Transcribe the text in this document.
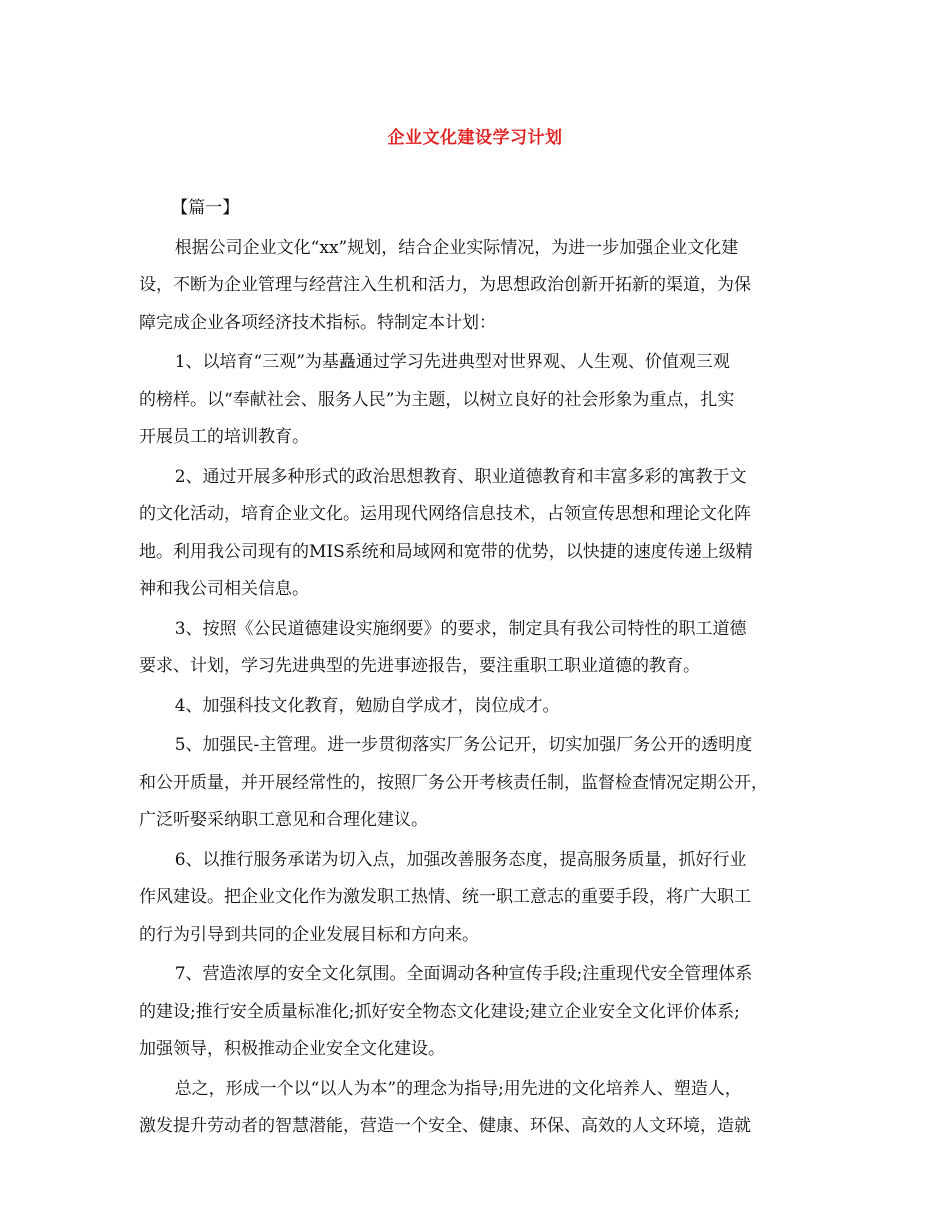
企业文化建设学习计划

【篇一】

根据公司企业文化“xx”规划，结合企业实际情况，为进一步加强企业文化建
设，不断为企业管理与经营注入生机和活力，为思想政治创新开拓新的渠道，为保
障完成企业各项经济技术指标。特制定本计划：

1、以培育“三观”为基矗通过学习先进典型对世界观、人生观、价值观三观
的榜样。以“奉献社会、服务人民”为主题，以树立良好的社会形象为重点，扎实
开展员工的培训教育。

2、通过开展多种形式的政治思想教育、职业道德教育和丰富多彩的寓教于文
的文化活动，培育企业文化。运用现代网络信息技术，占领宣传思想和理论文化阵
地。利用我公司现有的MIS系统和局域网和宽带的优势，以快捷的速度传递上级精
神和我公司相关信息。

3、按照《公民道德建设实施纲要》的要求，制定具有我公司特性的职工道德
要求、计划，学习先进典型的先进事迹报告，要注重职工职业道德的教育。

4、加强科技文化教育，勉励自学成才，岗位成才。

5、加强民-主管理。进一步贯彻落实厂务公记开，切实加强厂务公开的透明度
和公开质量，并开展经常性的，按照厂务公开考核责任制，监督检查情况定期公开，
广泛听娶采纳职工意见和合理化建议。

6、以推行服务承诺为切入点，加强改善服务态度，提高服务质量，抓好行业
作风建设。把企业文化作为激发职工热情、统一职工意志的重要手段，将广大职工
的行为引导到共同的企业发展目标和方向来。

7、营造浓厚的安全文化氛围。全面调动各种宣传手段;注重现代安全管理体系
的建设;推行安全质量标准化;抓好安全物态文化建设;建立企业安全文化评价体系;
加强领导，积极推动企业安全文化建设。

总之，形成一个以“以人为本”的理念为指导;用先进的文化培养人、塑造人，
激发提升劳动者的智慧潜能，营造一个安全、健康、环保、高效的人文环境，造就
